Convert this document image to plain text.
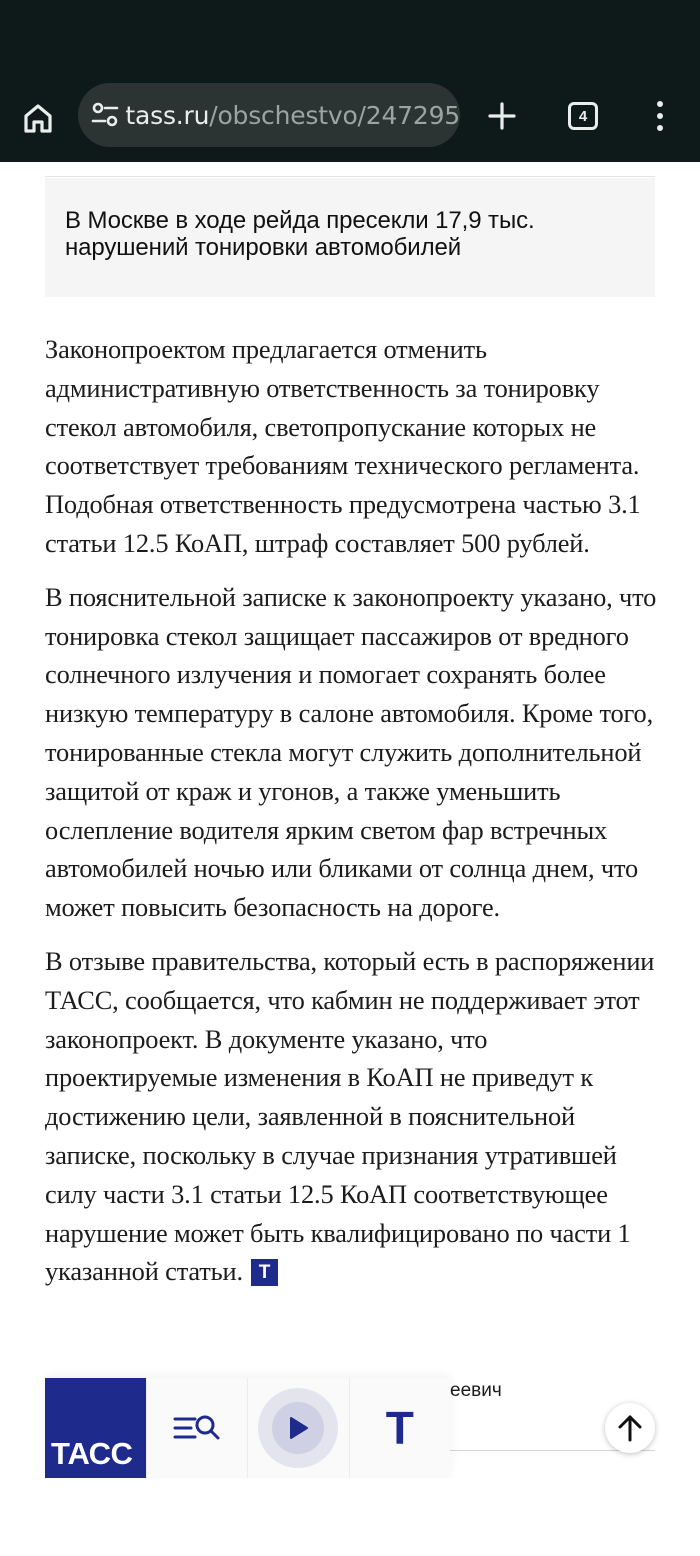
tass.ru/obschestvo/247295	4
В Москве в ходе рейда пресекли 17,9 тыс. нарушений тонировки автомобилей

Законопроектом предлагается отменить административную ответственность за тонировку стекол автомобиля, светопропускание которых не соответствует требованиям технического регламента. Подобная ответственность предусмотрена частью 3.1 статьи 12.5 КоАП, штраф составляет 500 рублей.

В пояснительной записке к законопроекту указано, что тонировка стекол защищает пассажиров от вредного солнечного излучения и помогает сохранять более низкую температуру в салоне автомобиля. Кроме того, тонированные стекла могут служить дополнительной защитой от краж и угонов, а также уменьшить ослепление водителя ярким светом фар встречных автомобилей ночью или бликами от солнца днем, что может повысить безопасность на дороге.

В отзыве правительства, который есть в распоряжении ТАСС, сообщается, что кабмин не поддерживает этот законопроект. В документе указано, что проектируемые изменения в КоАП не приведут к достижению цели, заявленной в пояснительной записке, поскольку в случае признания утратившей силу части 3.1 статьи 12.5 КоАП соответствующее нарушение может быть квалифицировано по части 1 указанной статьи. T

еевич
ТАСС	T
